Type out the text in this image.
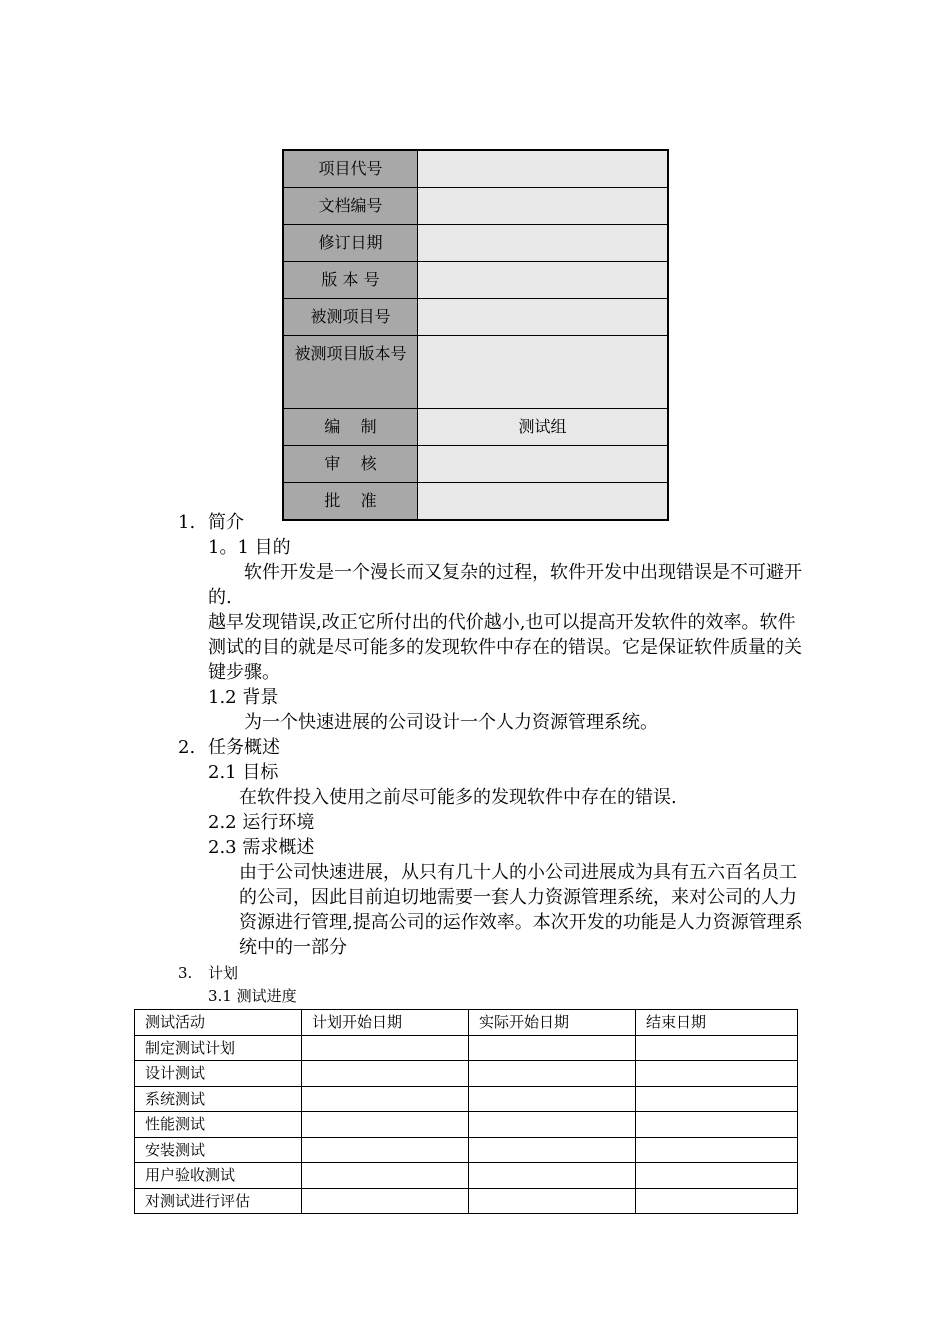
项目代号	
文档编号	
修订日期	
版 本 号	
被测项目号	
被测项目版本号	
编    制	测试组
审    核	
批    准	
1. 简介
1。1 目的

软件开发是一个漫长而又复杂的过程，软件开发中出现错误是不可避开的.

越早发现错误,改正它所付出的代价越小,也可以提高开发软件的效率。软件测试的目的就是尽可能多的发现软件中存在的错误。它是保证软件质量的关键步骤。

1.2 背景
为一个快速进展的公司设计一个人力资源管理系统。
2. 任务概述
2.1 目标
在软件投入使用之前尽可能多的发现软件中存在的错误.
2.2 运行环境
2.3 需求概述

由于公司快速进展，从只有几十人的小公司进展成为具有五六百名员工的公司，因此目前迫切地需要一套人力资源管理系统，来对公司的人力资源进行管理,提高公司的运作效率。本次开发的功能是人力资源管理系统中的一部分

3. 计划
3.1 测试进度
测试活动	计划开始日期	实际开始日期	结束日期
制定测试计划			
设计测试			
系统测试			
性能测试			
安装测试			
用户验收测试			
对测试进行评估			
